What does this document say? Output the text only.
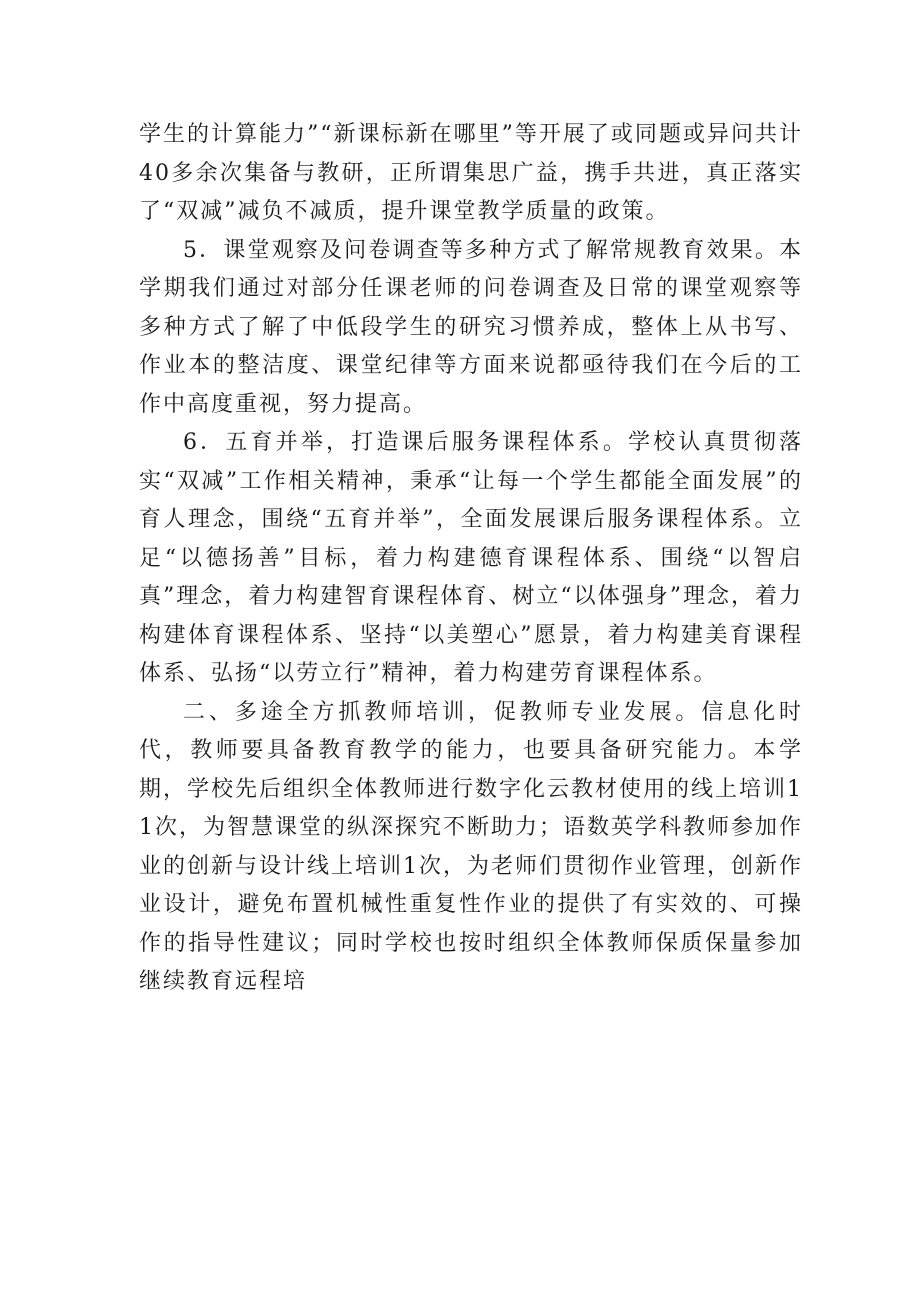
学生的计算能力”“新课标新在哪里”等开展了或同题或异问共计40多余次集备与教研，正所谓集思广益，携手共进，真正落实了“双减”减负不减质，提升课堂教学质量的政策。

5．课堂观察及问卷调查等多种方式了解常规教育效果。本学期我们通过对部分任课老师的问卷调查及日常的课堂观察等多种方式了解了中低段学生的研究习惯养成，整体上从书写、作业本的整洁度、课堂纪律等方面来说都亟待我们在今后的工作中高度重视，努力提高。

6．五育并举，打造课后服务课程体系。学校认真贯彻落实“双减”工作相关精神，秉承“让每一个学生都能全面发展”的育人理念，围绕“五育并举”，全面发展课后服务课程体系。立足“以德扬善”目标，着力构建德育课程体系、围绕“以智启真”理念，着力构建智育课程体育、树立“以体强身”理念，着力构建体育课程体系、坚持“以美塑心”愿景，着力构建美育课程体系、弘扬“以劳立行”精神，着力构建劳育课程体系。

二、多途全方抓教师培训，促教师专业发展。信息化时代，教师要具备教育教学的能力，也要具备研究能力。本学期，学校先后组织全体教师进行数字化云教材使用的线上培训11次，为智慧课堂的纵深探究不断助力；语数英学科教师参加作业的创新与设计线上培训1次，为老师们贯彻作业管理，创新作业设计，避免布置机械性重复性作业的提供了有实效的、可操作的指导性建议；同时学校也按时组织全体教师保质保量参加继续教育远程培
